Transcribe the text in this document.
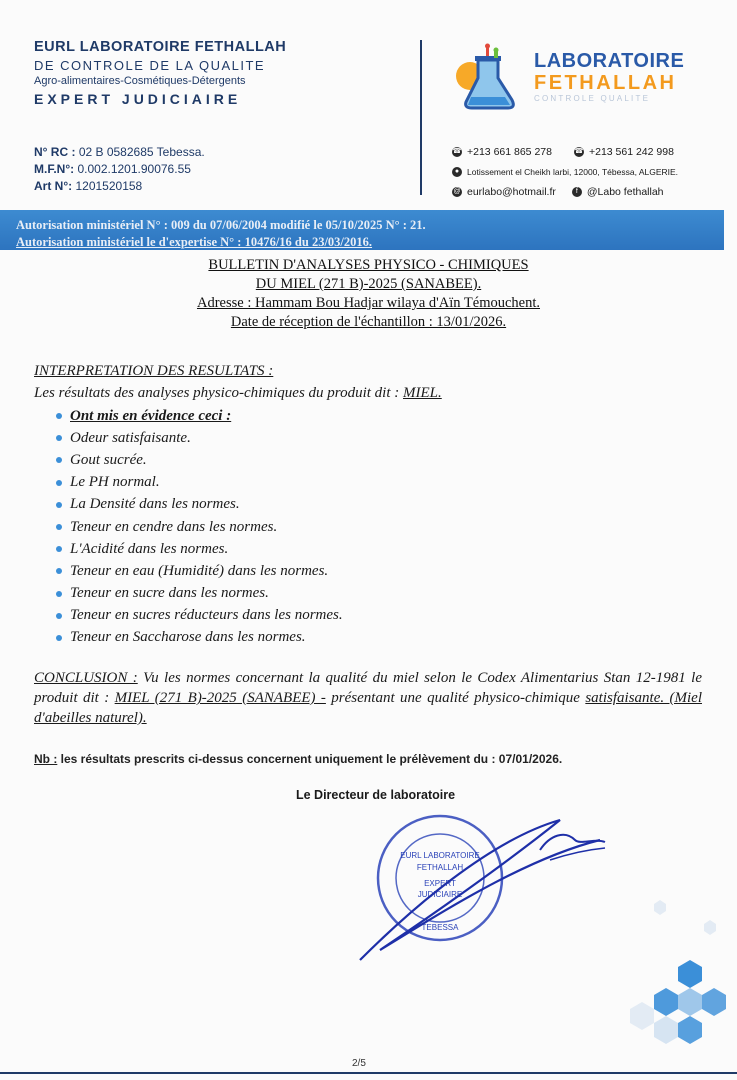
EURL LABORATOIRE FETHALLAH
DE CONTROLE DE LA QUALITE
Agro-alimentaires-Cosmétiques-Détergents
EXPERT JUDICIAIRE
N° RC : 02 B 0582685 Tebessa.
M.F.N°: 0.002.1201.90076.55
Art N°: 1201520158
LABORATOIRE
FETHALLAH
CONTROLE QUALITE
☎ +213 661 865 278	☎ +213 561 242 998
● Lotissement el Cheikh larbi, 12000, Tébessa, ALGERIE.
@ eurlabo@hotmail.fr	f @Labo fethallah
Autorisation ministériel N° : 009 du 07/06/2004 modifié le 05/10/2025 N° : 21.
Autorisation ministériel le d'expertise N° : 10476/16 du 23/03/2016.
BULLETIN D'ANALYSES PHYSICO - CHIMIQUES
DU MIEL (271 B)-2025 (SANABEE).
Adresse : Hammam Bou Hadjar wilaya d'Aïn Témouchent.
Date de réception de l'échantillon : 13/01/2026.
INTERPRETATION DES RESULTATS :
Les résultats des analyses physico-chimiques du produit dit : MIEL.
Ont mis en évidence ceci :
Odeur satisfaisante.
Gout sucrée.
Le PH normal.
La Densité dans les normes.
Teneur en cendre dans les normes.
L'Acidité dans les normes.
Teneur en eau (Humidité) dans les normes.
Teneur en sucre dans les normes.
Teneur en sucres réducteurs dans les normes.
Teneur en Saccharose dans les normes.
CONCLUSION : Vu les normes concernant la qualité du miel selon le Codex Alimentarius Stan 12-1981 le produit dit : MIEL (271 B)-2025 (SANABEE) - présentant une qualité physico-chimique satisfaisante. (Miel d'abeilles naturel).
Nb : les résultats prescrits ci-dessus concernent uniquement le prélèvement du : 07/01/2026.
Le Directeur de laboratoire
EURL LABORATOIRE
FETHALLAH
EXPERT
JUDICIAIRE
TEBESSA
2/5
